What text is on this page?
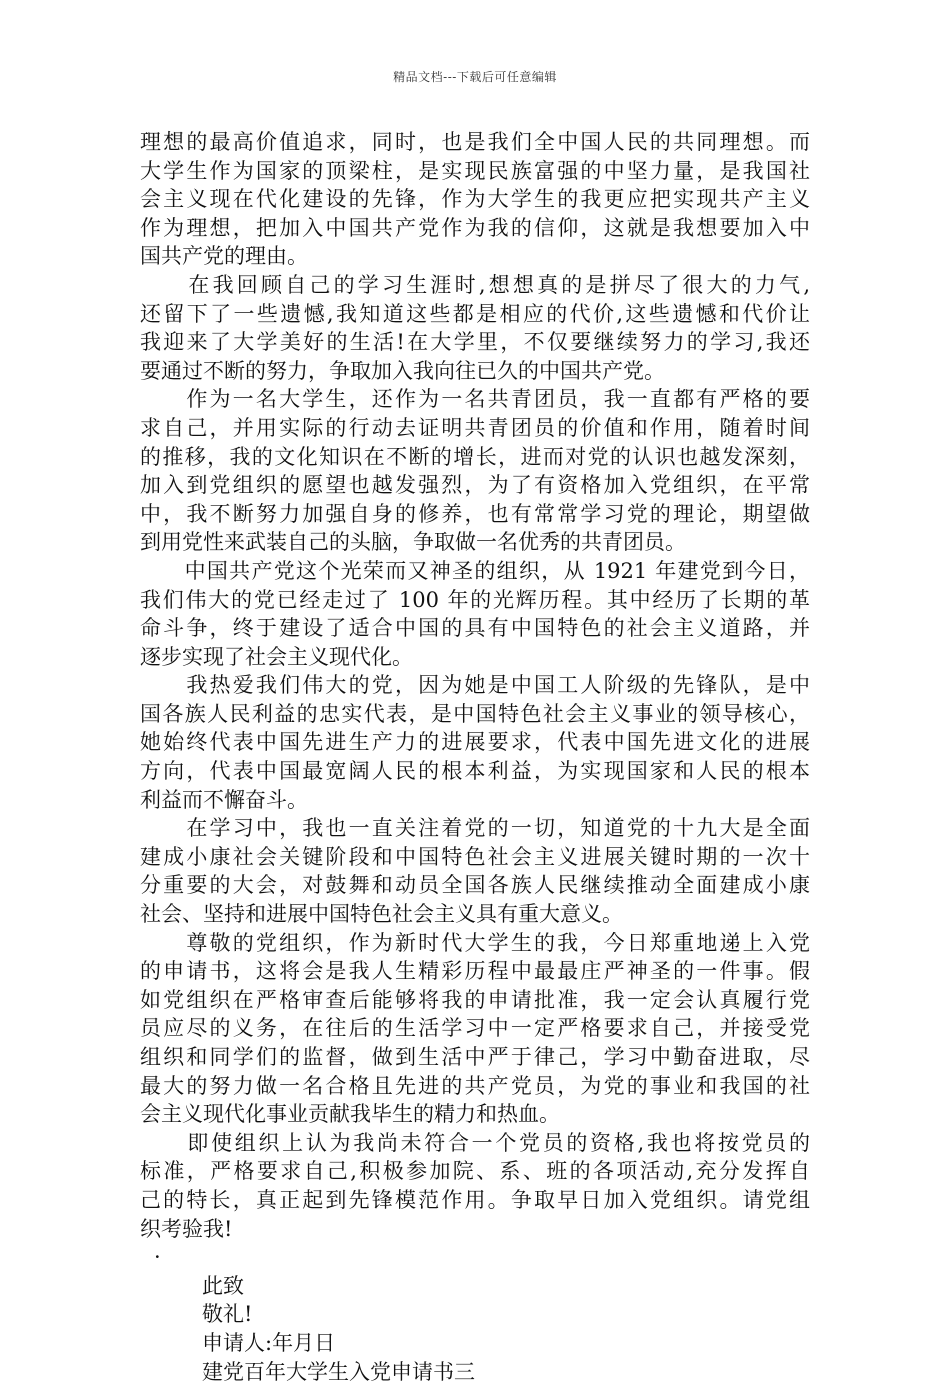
精品文档---下载后可任意编辑
理想的最高价值追求，同时，也是我们全中国人民的共同理想。而
大学生作为国家的顶梁柱，是实现民族富强的中坚力量，是我国社
会主义现在代化建设的先锋，作为大学生的我更应把实现共产主义
作为理想，把加入中国共产党作为我的信仰，这就是我想要加入中
国共产党的理由。
　　在我回顾自己的学习生涯时,想想真的是拼尽了很大的力气,
还留下了一些遗憾,我知道这些都是相应的代价,这些遗憾和代价让
我迎来了大学美好的生活!在大学里，不仅要继续努力的学习,我还
要通过不断的努力，争取加入我向往已久的中国共产党。
　　作为一名大学生，还作为一名共青团员，我一直都有严格的要
求自己，并用实际的行动去证明共青团员的价值和作用，随着时间
的推移，我的文化知识在不断的增长，进而对党的认识也越发深刻，
加入到党组织的愿望也越发强烈，为了有资格加入党组织，在平常
中，我不断努力加强自身的修养，也有常常学习党的理论，期望做
到用党性来武装自己的头脑，争取做一名优秀的共青团员。
　　中国共产党这个光荣而又神圣的组织，从 1921 年建党到今日，
我们伟大的党已经走过了 100 年的光辉历程。其中经历了长期的革
命斗争，终于建设了适合中国的具有中国特色的社会主义道路，并
逐步实现了社会主义现代化。
　　我热爱我们伟大的党，因为她是中国工人阶级的先锋队，是中
国各族人民利益的忠实代表，是中国特色社会主义事业的领导核心，
她始终代表中国先进生产力的进展要求，代表中国先进文化的进展
方向，代表中国最宽阔人民的根本利益，为实现国家和人民的根本
利益而不懈奋斗。
　　在学习中，我也一直关注着党的一切，知道党的十九大是全面
建成小康社会关键阶段和中国特色社会主义进展关键时期的一次十
分重要的大会，对鼓舞和动员全国各族人民继续推动全面建成小康
社会、坚持和进展中国特色社会主义具有重大意义。
　　尊敬的党组织，作为新时代大学生的我，今日郑重地递上入党
的申请书，这将会是我人生精彩历程中最最庄严神圣的一件事。假
如党组织在严格审查后能够将我的申请批准，我一定会认真履行党
员应尽的义务，在往后的生活学习中一定严格要求自己，并接受党
组织和同学们的监督，做到生活中严于律己，学习中勤奋进取，尽
最大的努力做一名合格且先进的共产党员，为党的事业和我国的社
会主义现代化事业贡献我毕生的精力和热血。
　　即使组织上认为我尚未符合一个党员的资格,我也将按党员的
标准，严格要求自己,积极参加院、系、班的各项活动,充分发挥自
己的特长，真正起到先锋模范作用。争取早日加入党组织。请党组
织考验我!
·
此致
敬礼!
申请人:年月日
建党百年大学生入党申请书三
